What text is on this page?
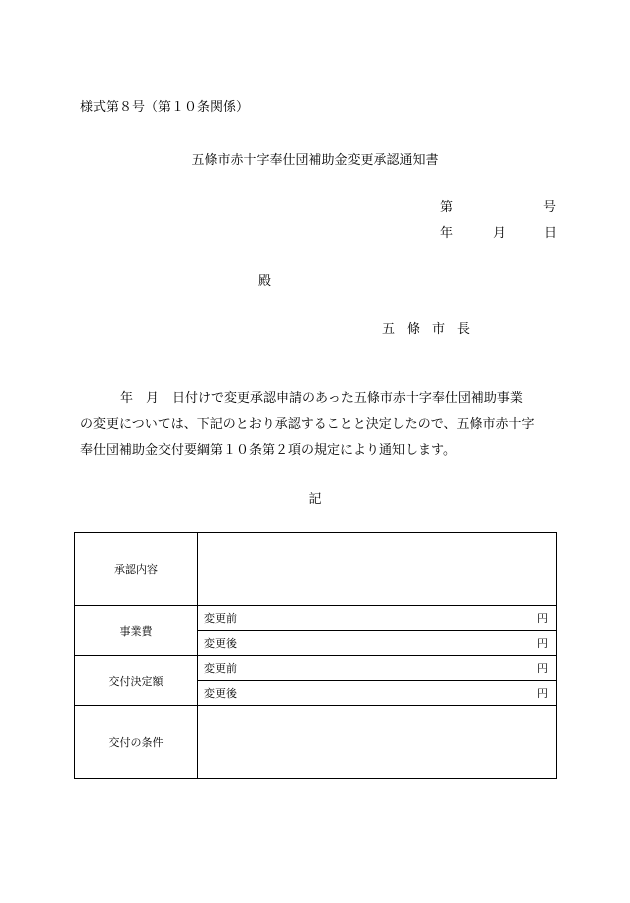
様式第８号（第１０条関係）
五條市赤十字奉仕団補助金変更承認通知書
第	号
年	月	日
殿
五 條 市 長

年　月　日付けで変更承認申請のあった五條市赤十字奉仕団補助事業

の変更については、下記のとおり承認することと決定したので、五條市赤十字

奉仕団補助金交付要綱第１０条第２項の規定により通知します。

記
承認内容	
事業費	変更前 円

	変更後 円

交付決定額	変更前 円

	変更後 円

交付の条件	
